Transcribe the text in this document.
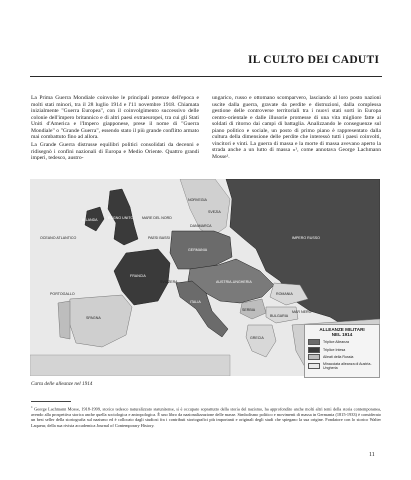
IL CULTO DEI CADUTI

La Prima Guerra Mondiale coinvolse le principali potenze dell'epoca e molti stati minori, tra il 28 luglio 1914 e l'11 novembre 1918. Chiamata inizialmente "Guerra Europea", con il coinvolgimento successivo delle colonie dell'impero britannico e di altri paesi extraeuropei, tra cui gli Stati Uniti d'America e l'Impero giapponese, prese il nome di "Guerra Mondiale" o "Grande Guerra", essendo stato il più grande conflitto armato mai combattuto fino ad allora.

La Grande Guerra distrusse equilibri politici consolidati da decenni e ridisegnò i confini nazionali di Europa e Medio Oriente. Quattro grandi imperi, tedesco, austro-

ungarico, russo e ottomano scomparvero, lasciando al loro posto nazioni uscite dalla guerra, gravate da perdite e distruzioni, dalla complessa gestione delle controverse territoriali tra i nuovi stati sorti in Europa centro-orientale e dalle illusorie promesse di una vita migliore fatte ai soldati di ritorno dai campi di battaglia. Analizzando le conseguenze sul piano politico e sociale, un posto di primo piano è rappresentato dalla cultura della dimensione delle perdite che interessò tutti i paesi coinvolti, vincitori e vinti. La guerra di massa e la morte di massa avevano aperto la strada anche a un lutto di massa »¹, come annotava George Lachmann Mosse¹.

OCEANO ATLANTICO
IRLANDA	REGNO UNITO
PAESI BASSI
GERMANIA
FRANCIA
SVIZZERA
SPAGNA
PORTOGALLO
ITALIA
AUSTRIA-UNGHERIA
IMPERO RUSSO
ROMANIA
SERBIA
BULGARIA
GRECIA
NORVEGIA
SVEZIA
DANIMARCA
MAR NERO
MARE DEL NORD
ALLEANZE MILITARI
NEL 1914
Triplice Alleanza
Triplice Intesa
Alleati della Russia
Minacciata alleanza di Austria-Ungheria
Carta delle alleanze nel 1914
$^1$ George Lachmann Mosse, 1918-1999, storico tedesco naturalizzato statunitense, si è occupato soprattutto della storia del nazismo, ha approfondito anche molti altri temi della storia contemporanea, avendo alla prospettiva storica anche quella sociologica e antropologica. È uno libro da nazionalizzazione delle masse. Simbolismo politico e movimenti di massa in Germania (1815-1933) è considerato un best seller della storiografia sul nazismo ed è collocato dagli studiosi fra i contributi storiografici più importanti e originali degli studi che spiegano la sua origine. Fondatore con lo storico Walter Laqueur, della sua rivista accademica Journal of Contemporary History.
11
